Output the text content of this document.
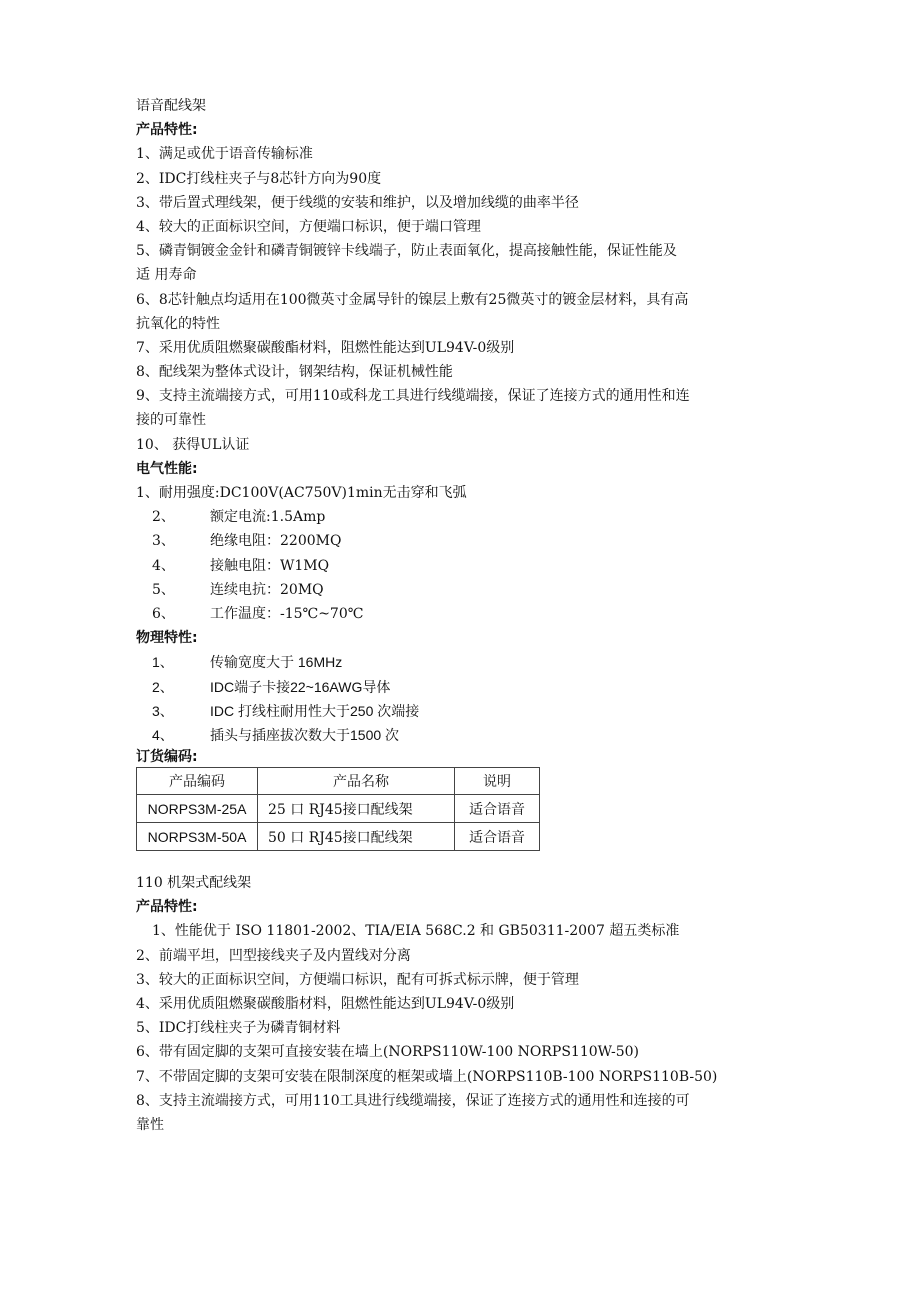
语音配线架
产品特性:
1、满足或优于语音传输标准
2、IDC打线柱夹子与8芯针方向为90度
3、带后置式理线架，便于线缆的安装和维护，以及增加线缆的曲率半径
4、较大的正面标识空间，方便端口标识，便于端口管理
5、磷青铜镀金金针和磷青铜镀锌卡线端子，防止表面氧化，提高接触性能，保证性能及
适 用寿命
6、8芯针触点均适用在100微英寸金属导针的镍层上敷有25微英寸的镀金层材料，具有高
抗氧化的特性
7、采用优质阻燃聚碳酸酯材料，阻燃性能达到UL94V-0级别
8、配线架为整体式设计，钢架结构，保证机械性能
9、支持主流端接方式，可用110或科龙工具进行线缆端接，保证了连接方式的通用性和连
接的可靠性
10、 获得UL认证
电气性能:
1、耐用强度:DC100V(AC750V)1min无击穿和飞弧
2、	额定电流:1.5Amp
3、	绝缘电阻：2200MQ
4、	接触电阻：W1MQ
5、	连续电抗：20MQ
6、	工作温度：-15℃~70℃
物理特性:
1、	传输宽度大于 16MHz
2、	IDC端子卡接22~16AWG导体
3、	IDC 打线柱耐用性大于250 次端接
4、	插头与插座拔次数大于1500 次
订货编码:
产品编码	产品名称	说明
NORPS3M-25A	25 口 RJ45接口配线架	适合语音
NORPS3M-50A	50 口 RJ45接口配线架	适合语音
110 机架式配线架
产品特性:
1、性能优于 ISO 11801-2002、TIA/EIA 568C.2 和 GB50311-2007 超五类标准
2、前端平坦，凹型接线夹子及内置线对分离
3、较大的正面标识空间，方便端口标识，配有可拆式标示牌，便于管理
4、采用优质阻燃聚碳酸脂材料，阻燃性能达到UL94V-0级别
5、IDC打线柱夹子为磷青铜材料
6、带有固定脚的支架可直接安装在墙上(NORPS110W-100 NORPS110W-50)
7、不带固定脚的支架可安装在限制深度的框架或墙上(NORPS110B-100 NORPS110B-50)
8、支持主流端接方式，可用110工具进行线缆端接，保证了连接方式的通用性和连接的可
靠性
